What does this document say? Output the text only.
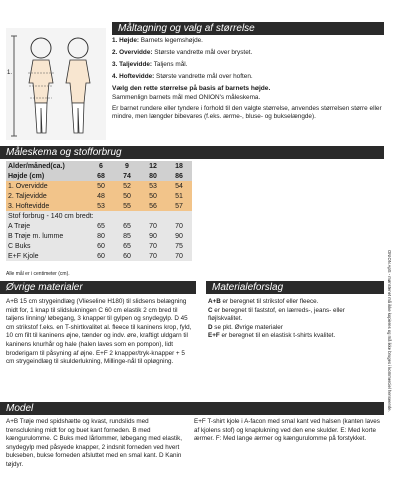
Måltagning og valg af størrelse
1.

1. Højde: Barnets legemshøjde.

2. Overvidde: Største vandrette mål over brystet.

3. Taljevidde: Taljens mål.

4. Hoftevidde: Største vandrette mål over hoften.

Vælg den rette størrelse på basis af barnets højde.

Sammenlign barnets mål med ONION's måleskema.

Er barnet rundere eller tyndere i forhold til den valgte størrelse, anvendes størrelsen større eller mindre, men længder bibevares (f.eks. ærme-, bluse- og bukselængde).

Måleskema og stofforbrug
Alder/måned(ca.)	6	9	12	18
Højde (cm)	68	74	80	86
1. Overvidde	50	52	53	54
2. Taljevidde	48	50	50	51
3. Hoftevidde	53	55	56	57
Stof forbrug - 140 cm bredt:				
A Trøje	65	65	70	70
B Trøje m. lumme	80	85	90	90
C Buks	60	65	70	75
E+F Kjole	60	60	70	70
Alle mål er i centimeter (cm).
Øvrige materialer

A+B 15 cm strygeindlæg (Vlieseline H180) til slidsens belægning midt for, 1 knap til slidslukningen C 60 cm elastik 2 cm bred til taljens linning/ løbegang, 3 knapper til gylpen og snydegylp. D 45 cm strikstof f.eks. en T-shirtkvalitet al. fleece til kaninens krop, fyld, 10 cm filt til kaninens øjne, tænder og indv. øre, kraftigt uldgarn til kaninens knurhår og hale (halen laves som en pompon), lidt broderigarn til påsyning af øjne. E+F 2 knapper/tryk-knapper + 5 cm strygeindlæg til skulderlukning, Millinge-nål til opløgning.

Materialeforslag

A+B er beregnet til strikstof eller fleece.

C er beregnet til faststof, en lærreds-, jeans- eller fløjlskvalitet.

D se pkt. Øvrige materialer

E+F er beregnet til en elastisk t-shirts kvalitet.

Model

A+B Trøje med spidshætte og kvast, rundslids med trensclukning midt for og buet kant forneden. B med kængurulomme. C Buks med lårlommer, løbegang med elastik, snydegylp med påsyede knapper, 2 indsnit forneden ved hvert bukseben, bukse forneden afsluttet med en smal kant. D Kanin tøjdyr.

E+F T-shirt kjole i A-facon med smal kant ved halsen (kanten laves af kjolens stof) og knaplukning ved den ene skulder. E: Med korte ærmer. F: Med lange ærmer og kængurulomme på forstykket.

ONION ApS - mønstenet må ikke kopieres og må ikke bruges i kommerciel henseende.
